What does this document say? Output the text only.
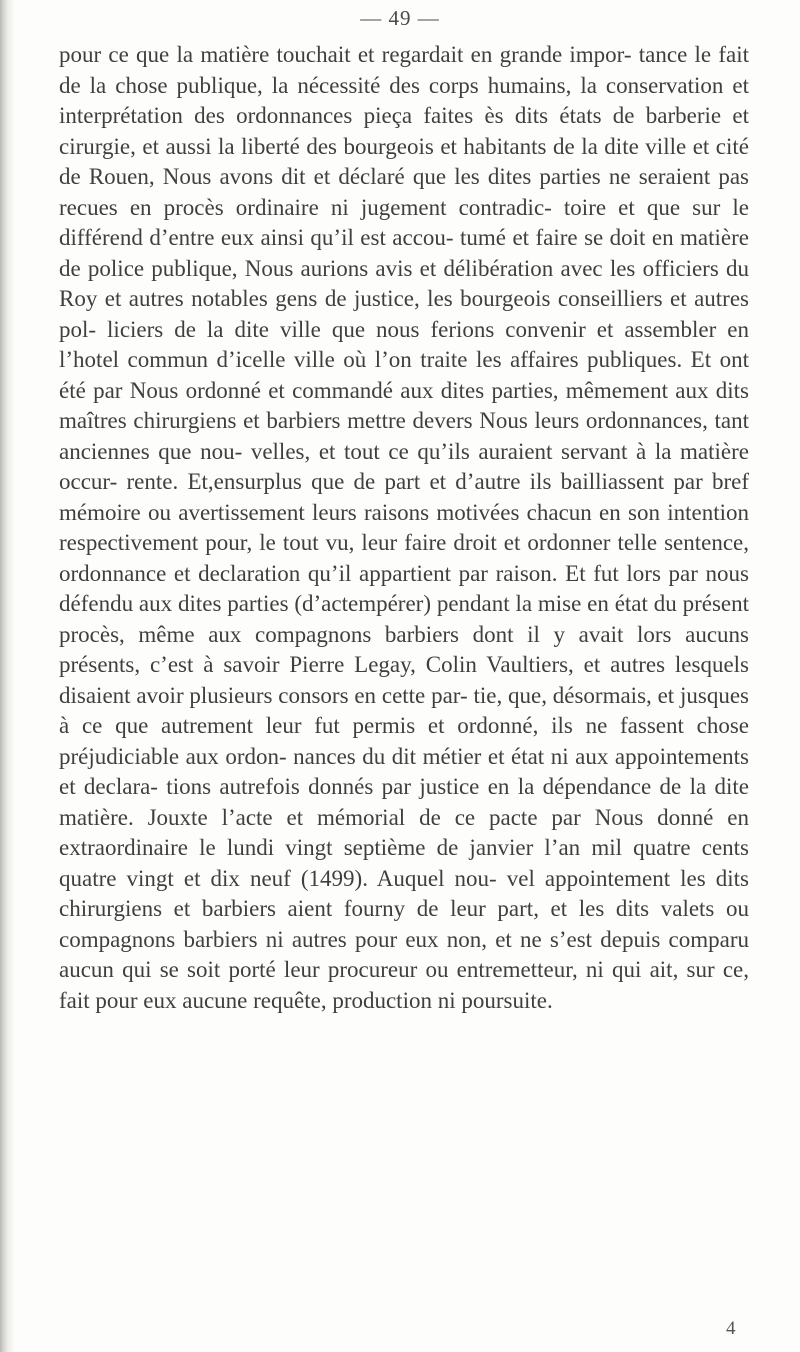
— 49 —

pour ce que la matière touchait et regardait en grande impor- tance le fait de la chose publique, la nécessité des corps humains, la conservation et interprétation des ordonnances pieça faites ès dits états de barberie et cirurgie, et aussi la liberté des bourgeois et habitants de la dite ville et cité de Rouen, Nous avons dit et déclaré que les dites parties ne seraient pas recues en procès ordinaire ni jugement contradic- toire et que sur le différend d’entre eux ainsi qu’il est accou- tumé et faire se doit en matière de police publique, Nous aurions avis et délibération avec les officiers du Roy et autres notables gens de justice, les bourgeois conseilliers et autres pol- liciers de la dite ville que nous ferions convenir et assembler en l’hotel commun d’icelle ville où l’on traite les affaires publiques. Et ont été par Nous ordonné et commandé aux dites parties, mêmement aux dits maîtres chirurgiens et barbiers mettre devers Nous leurs ordonnances, tant anciennes que nou- velles, et tout ce qu’ils auraient servant à la matière occur- rente. Et,ensurplus que de part et d’autre ils bailliassent par bref mémoire ou avertissement leurs raisons motivées chacun en son intention respectivement pour, le tout vu, leur faire droit et ordonner telle sentence, ordonnance et declaration qu’il appartient par raison. Et fut lors par nous défendu aux dites parties (d’actempérer) pendant la mise en état du présent procès, même aux compagnons barbiers dont il y avait lors aucuns présents, c’est à savoir Pierre Legay, Colin Vaultiers, et autres lesquels disaient avoir plusieurs consors en cette par- tie, que, désormais, et jusques à ce que autrement leur fut permis et ordonné, ils ne fassent chose préjudiciable aux ordon- nances du dit métier et état ni aux appointements et declara- tions autrefois donnés par justice en la dépendance de la dite matière. Jouxte l’acte et mémorial de ce pacte par Nous donné en extraordinaire le lundi vingt septième de janvier l’an mil quatre cents quatre vingt et dix neuf (1499). Auquel nou- vel appointement les dits chirurgiens et barbiers aient fourny de leur part, et les dits valets ou compagnons barbiers ni autres pour eux non, et ne s’est depuis comparu aucun qui se soit porté leur procureur ou entremetteur, ni qui ait, sur ce, fait pour eux aucune requête, production ni poursuite.

4
